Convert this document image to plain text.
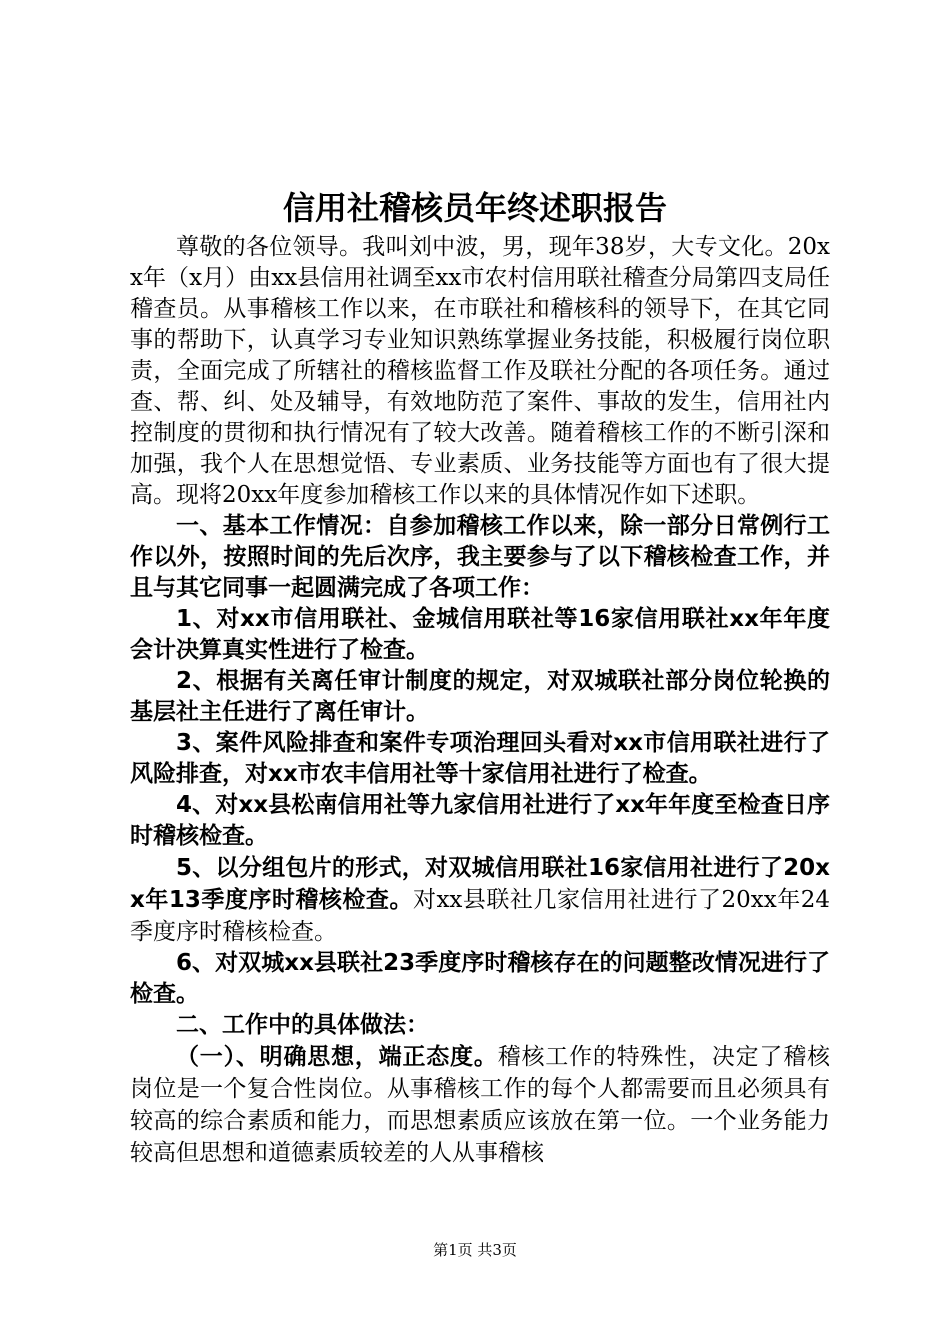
信用社稽核员年终述职报告

尊敬的各位领导。我叫刘中波，男，现年38岁，大专文化。20xx年（x月）由xx县信用社调至xx市农村信用联社稽查分局第四支局任稽查员。从事稽核工作以来，在市联社和稽核科的领导下，在其它同事的帮助下，认真学习专业知识熟练掌握业务技能，积极履行岗位职责，全面完成了所辖社的稽核监督工作及联社分配的各项任务。通过查、帮、纠、处及辅导，有效地防范了案件、事故的发生，信用社内控制度的贯彻和执行情况有了较大改善。随着稽核工作的不断引深和加强，我个人在思想觉悟、专业素质、业务技能等方面也有了很大提高。现将20xx年度参加稽核工作以来的具体情况作如下述职。

一、基本工作情况：自参加稽核工作以来，除一部分日常例行工作以外，按照时间的先后次序，我主要参与了以下稽核检查工作，并且与其它同事一起圆满完成了各项工作：

1、对xx市信用联社、金城信用联社等16家信用联社xx年年度会计决算真实性进行了检查。

2、根据有关离任审计制度的规定，对双城联社部分岗位轮换的基层社主任进行了离任审计。

3、案件风险排查和案件专项治理回头看对xx市信用联社进行了风险排查，对xx市农丰信用社等十家信用社进行了检查。

4、对xx县松南信用社等九家信用社进行了xx年年度至检查日序时稽核检查。

5、以分组包片的形式，对双城信用联社16家信用社进行了20xx年13季度序时稽核检查。对xx县联社几家信用社进行了20xx年24季度序时稽核检查。

6、对双城xx县联社23季度序时稽核存在的问题整改情况进行了检查。

二、工作中的具体做法：

（一）、明确思想，端正态度。稽核工作的特殊性，决定了稽核岗位是一个复合性岗位。从事稽核工作的每个人都需要而且必须具有较高的综合素质和能力，而思想素质应该放在第一位。一个业务能力较高但思想和道德素质较差的人从事稽核

第1页 共3页
